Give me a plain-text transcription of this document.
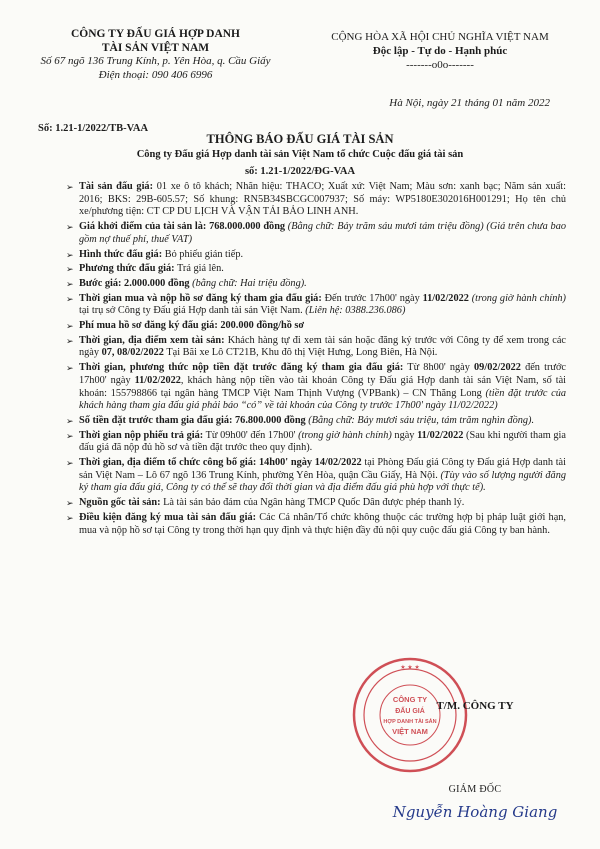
CÔNG TY ĐẤU GIÁ HỢP DANH
TÀI SẢN VIỆT NAM
Số 67 ngõ 136 Trung Kính, p. Yên Hòa, q. Cầu Giấy
Điện thoại: 090 406 6996
Số: 1.21-1/2022/TB-VAA
CỘNG HÒA XÃ HỘI CHỦ NGHĨA VIỆT NAM
Độc lập - Tự do - Hạnh phúc
-------o0o-------
Hà Nội, ngày 21 tháng 01 năm 2022
THÔNG BÁO ĐẤU GIÁ TÀI SẢN
Công ty Đấu giá Hợp danh tài sản Việt Nam tổ chức Cuộc đấu giá tài sản
số: 1.21-1/2022/ĐG-VAA
➢ Tài sản đấu giá: 01 xe ô tô khách; Nhãn hiệu: THACO; Xuất xứ: Việt Nam; Màu sơn: xanh bạc; Năm sản xuất: 2016; BKS: 29B-605.57; Số khung: RN5B34SBCGC007937; Số máy: WP5180E302016H001291; Họ tên chủ xe/phương tiện: CT CP DU LỊCH VÀ VẬN TẢI BẢO LINH ANH.
➢ Giá khởi điểm của tài sản là: 768.000.000 đồng (Bằng chữ: Bảy trăm sáu mươi tám triệu đồng) (Giá trên chưa bao gồm nợ thuế phí, thuế VAT)
➢ Hình thức đấu giá: Bỏ phiếu gián tiếp.
➢ Phương thức đấu giá: Trả giá lên.
➢ Bước giá: 2.000.000 đồng (bằng chữ: Hai triệu đồng).
➢ Thời gian mua và nộp hồ sơ đăng ký tham gia đấu giá: Đến trước 17h00' ngày 11/02/2022 (trong giờ hành chính) tại trụ sở Công ty Đấu giá Hợp danh tài sản Việt Nam. (Liên hệ: 0388.236.086)
➢ Phí mua hồ sơ đăng ký đấu giá: 200.000 đồng/hồ sơ
➢ Thời gian, địa điểm xem tài sản: Khách hàng tự đi xem tài sản hoặc đăng ký trước với Công ty để xem trong các ngày 07, 08/02/2022 Tại Bãi xe Lô CT21B, Khu đô thị Việt Hưng, Long Biên, Hà Nội.
➢ Thời gian, phương thức nộp tiền đặt trước đăng ký tham gia đấu giá: Từ 8h00' ngày 09/02/2022 đến trước 17h00' ngày 11/02/2022, khách hàng nộp tiền vào tài khoản Công ty Đấu giá Hợp danh tài sản Việt Nam, số tài khoản: 155798866 tại ngân hàng TMCP Việt Nam Thịnh Vượng (VPBank) – CN Thăng Long (tiền đặt trước của khách hàng tham gia đấu giá phải báo “có” về tài khoản của Công ty trước 17h00' ngày 11/02/2022)
➢ Số tiền đặt trước tham gia đấu giá: 76.800.000 đồng (Bằng chữ: Bảy mươi sáu triệu, tám trăm nghìn đồng).
➢ Thời gian nộp phiếu trả giá: Từ 09h00' đến 17h00' (trong giờ hành chính) ngày 11/02/2022 (Sau khi người tham gia đấu giá đã nộp đủ hồ sơ và tiền đặt trước theo quy định).
➢ Thời gian, địa điểm tổ chức công bố giá: 14h00' ngày 14/02/2022 tại Phòng Đấu giá Công ty Đấu giá Hợp danh tài sản Việt Nam – Lô 67 ngõ 136 Trung Kính, phường Yên Hòa, quận Cầu Giấy, Hà Nội. (Tùy vào số lượng người đăng ký tham gia đấu giá, Công ty có thể sẽ thay đổi thời gian và địa điểm đấu giá phù hợp với thực tế).
➢ Nguồn gốc tài sản: Là tài sản bảo đảm của Ngân hàng TMCP Quốc Dân được phép thanh lý.
➢ Điều kiện đăng ký mua tài sản đấu giá: Các Cá nhân/Tổ chức không thuộc các trường hợp bị pháp luật giới hạn, mua và nộp hồ sơ tại Công ty trong thời hạn quy định và thực hiện đầy đủ nội quy cuộc đấu giá Công ty ban hành.
CÔNG TY
ĐẤU GIÁ
HỢP DANH TÀI SẢN
VIỆT NAM
★ ★ ★
T/M. CÔNG TY
GIÁM ĐỐC
Nguyễn Hoàng Giang
